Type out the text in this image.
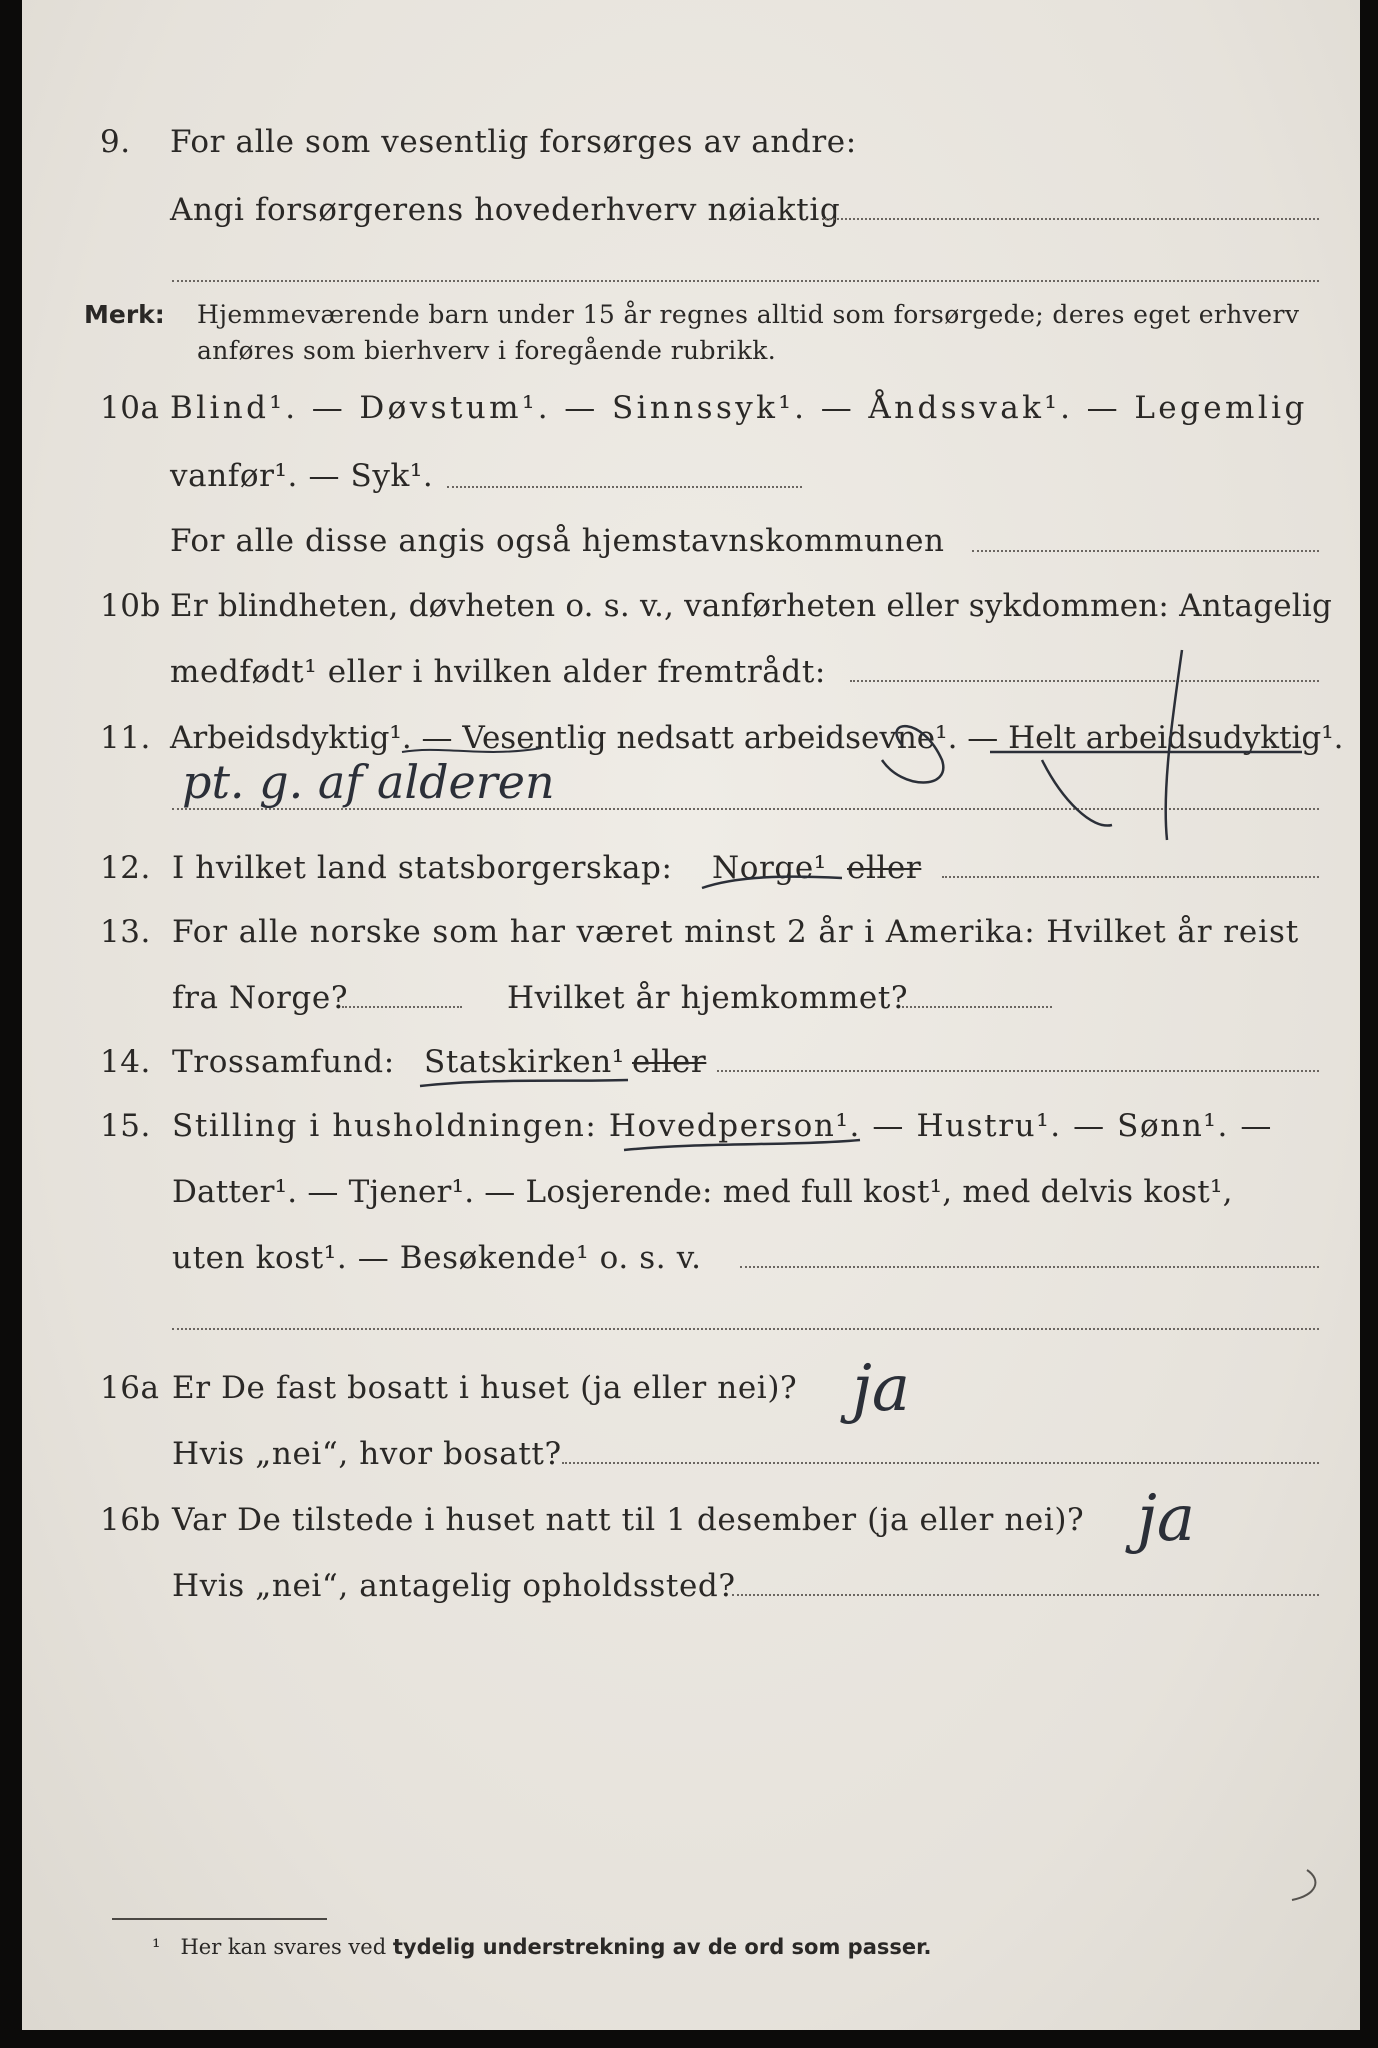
9. For alle som vesentlig forsørges av andre:
Angi forsørgerens hovederhverv nøiaktig
Merk: Hjemmeværende barn under 15 år regnes alltid som forsørgede; deres eget erhverv
anføres som bierhverv i foregående rubrikk.
10a Blind¹. — Døvstum¹. — Sinnssyk¹. — Åndssvak¹. — Legemlig
vanfør¹. — Syk¹.
For alle disse angis også hjemstavnskommunen
10b Er blindheten, døvheten o. s. v., vanførheten eller sykdommen: Antagelig
medfødt¹ eller i hvilken alder fremtrådt:
11. Arbeidsdyktig¹. — Vesentlig nedsatt arbeidsevne¹. — Helt arbeidsudyktig¹.
12. I hvilket land statsborgerskap: Norge¹ eller
13. For alle norske som har været minst 2 år i Amerika: Hvilket år reist
fra Norge?	Hvilket år hjemkommet?
14. Trossamfund: Statskirken¹ eller
15. Stilling i husholdningen: Hovedperson¹. — Hustru¹. — Sønn¹. —
Datter¹. — Tjener¹. — Losjerende: med full kost¹, med delvis kost¹,
uten kost¹. — Besøkende¹ o. s. v.
16a Er De fast bosatt i huset (ja eller nei)?
Hvis „nei“, hvor bosatt?
16b Var De tilstede i huset natt til 1 desember (ja eller nei)?
Hvis „nei“, antagelig opholdssted?
¹ Her kan svares ved tydelig understrekning av de ord som passer.
pt. g. af alderen
ja
ja
